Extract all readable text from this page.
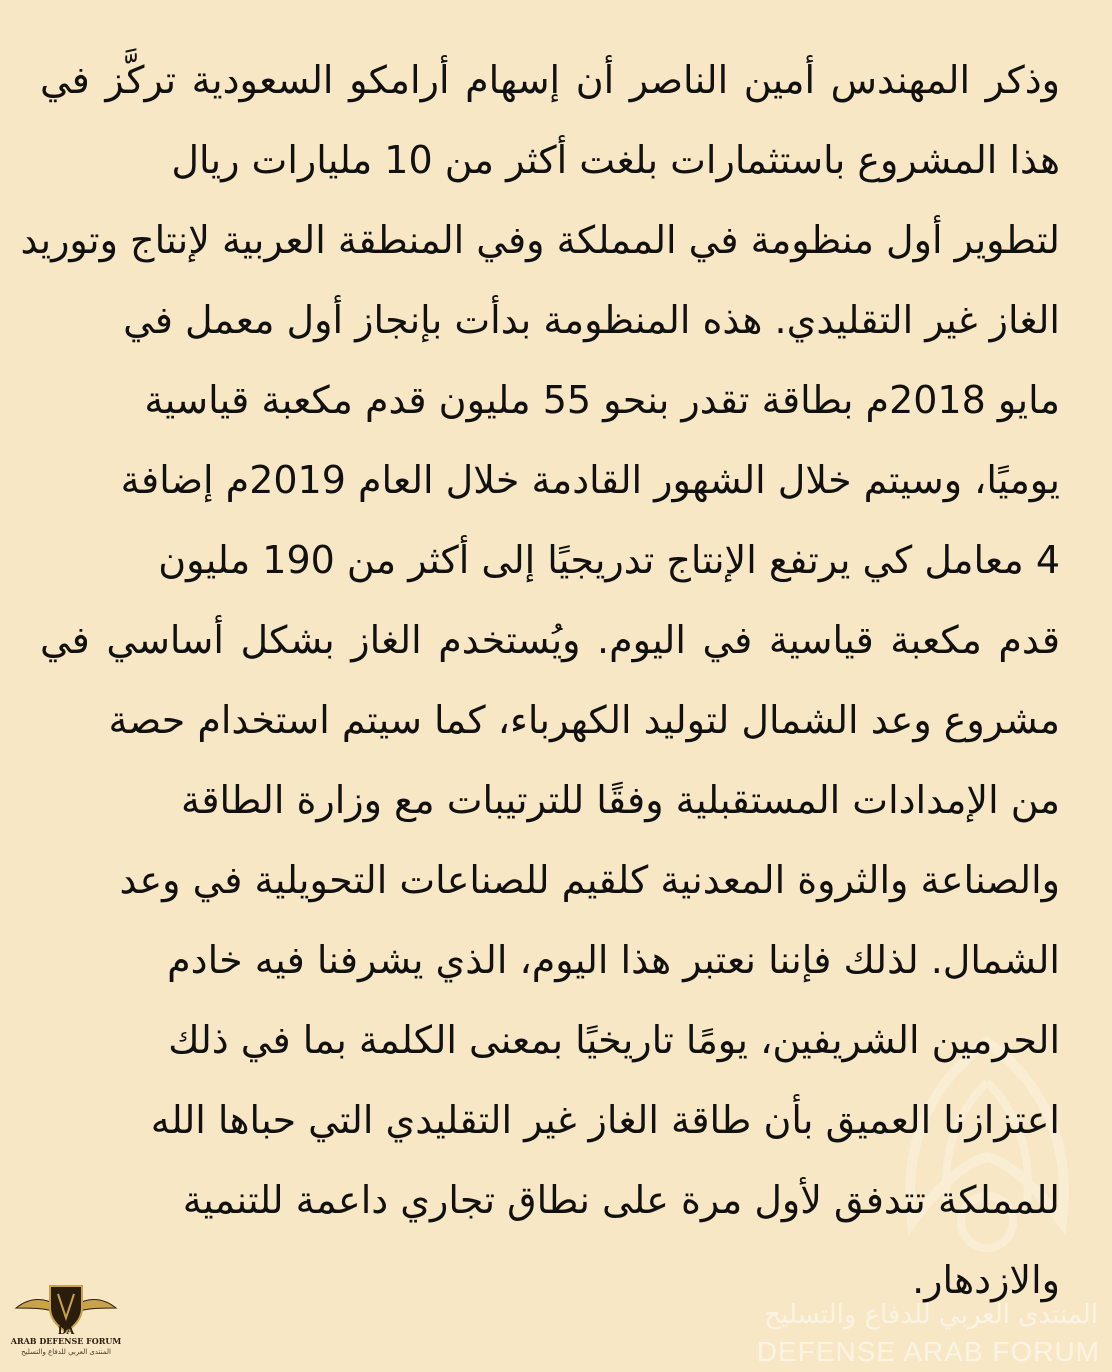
المنتدى العربي للدفاع والتسليح
DEFENSE ARAB FORUM
وذكر المهندس أمين الناصر أن إسهام أرامكو السعودية تركَّز في
هذا المشروع باستثمارات بلغت أكثر من 10 مليارات ريال
لتطوير أول منظومة في المملكة وفي المنطقة العربية لإنتاج وتوريد
الغاز غير التقليدي. هذه المنظومة بدأت بإنجاز أول معمل في
مايو 2018م بطاقة تقدر بنحو 55 مليون قدم مكعبة قياسية
يوميًا، وسيتم خلال الشهور القادمة خلال العام 2019م إضافة
4 معامل كي يرتفع الإنتاج تدريجيًا إلى أكثر من 190 مليون
قدم مكعبة قياسية في اليوم. ويُستخدم الغاز بشكل أساسي في
مشروع وعد الشمال لتوليد الكهرباء، كما سيتم استخدام حصة
من الإمدادات المستقبلية وفقًا للترتيبات مع وزارة الطاقة
والصناعة والثروة المعدنية كلقيم للصناعات التحويلية في وعد
الشمال. لذلك فإننا نعتبر هذا اليوم، الذي يشرفنا فيه خادم
الحرمين الشريفين، يومًا تاريخيًا بمعنى الكلمة بما في ذلك
اعتزازنا العميق بأن طاقة الغاز غير التقليدي التي حباها الله
للمملكة تتدفق لأول مرة على نطاق تجاري داعمة للتنمية
والازدهار.
ARAB DEFENSE FORUM
المنتدى العربي للدفاع والتسليح
DA
